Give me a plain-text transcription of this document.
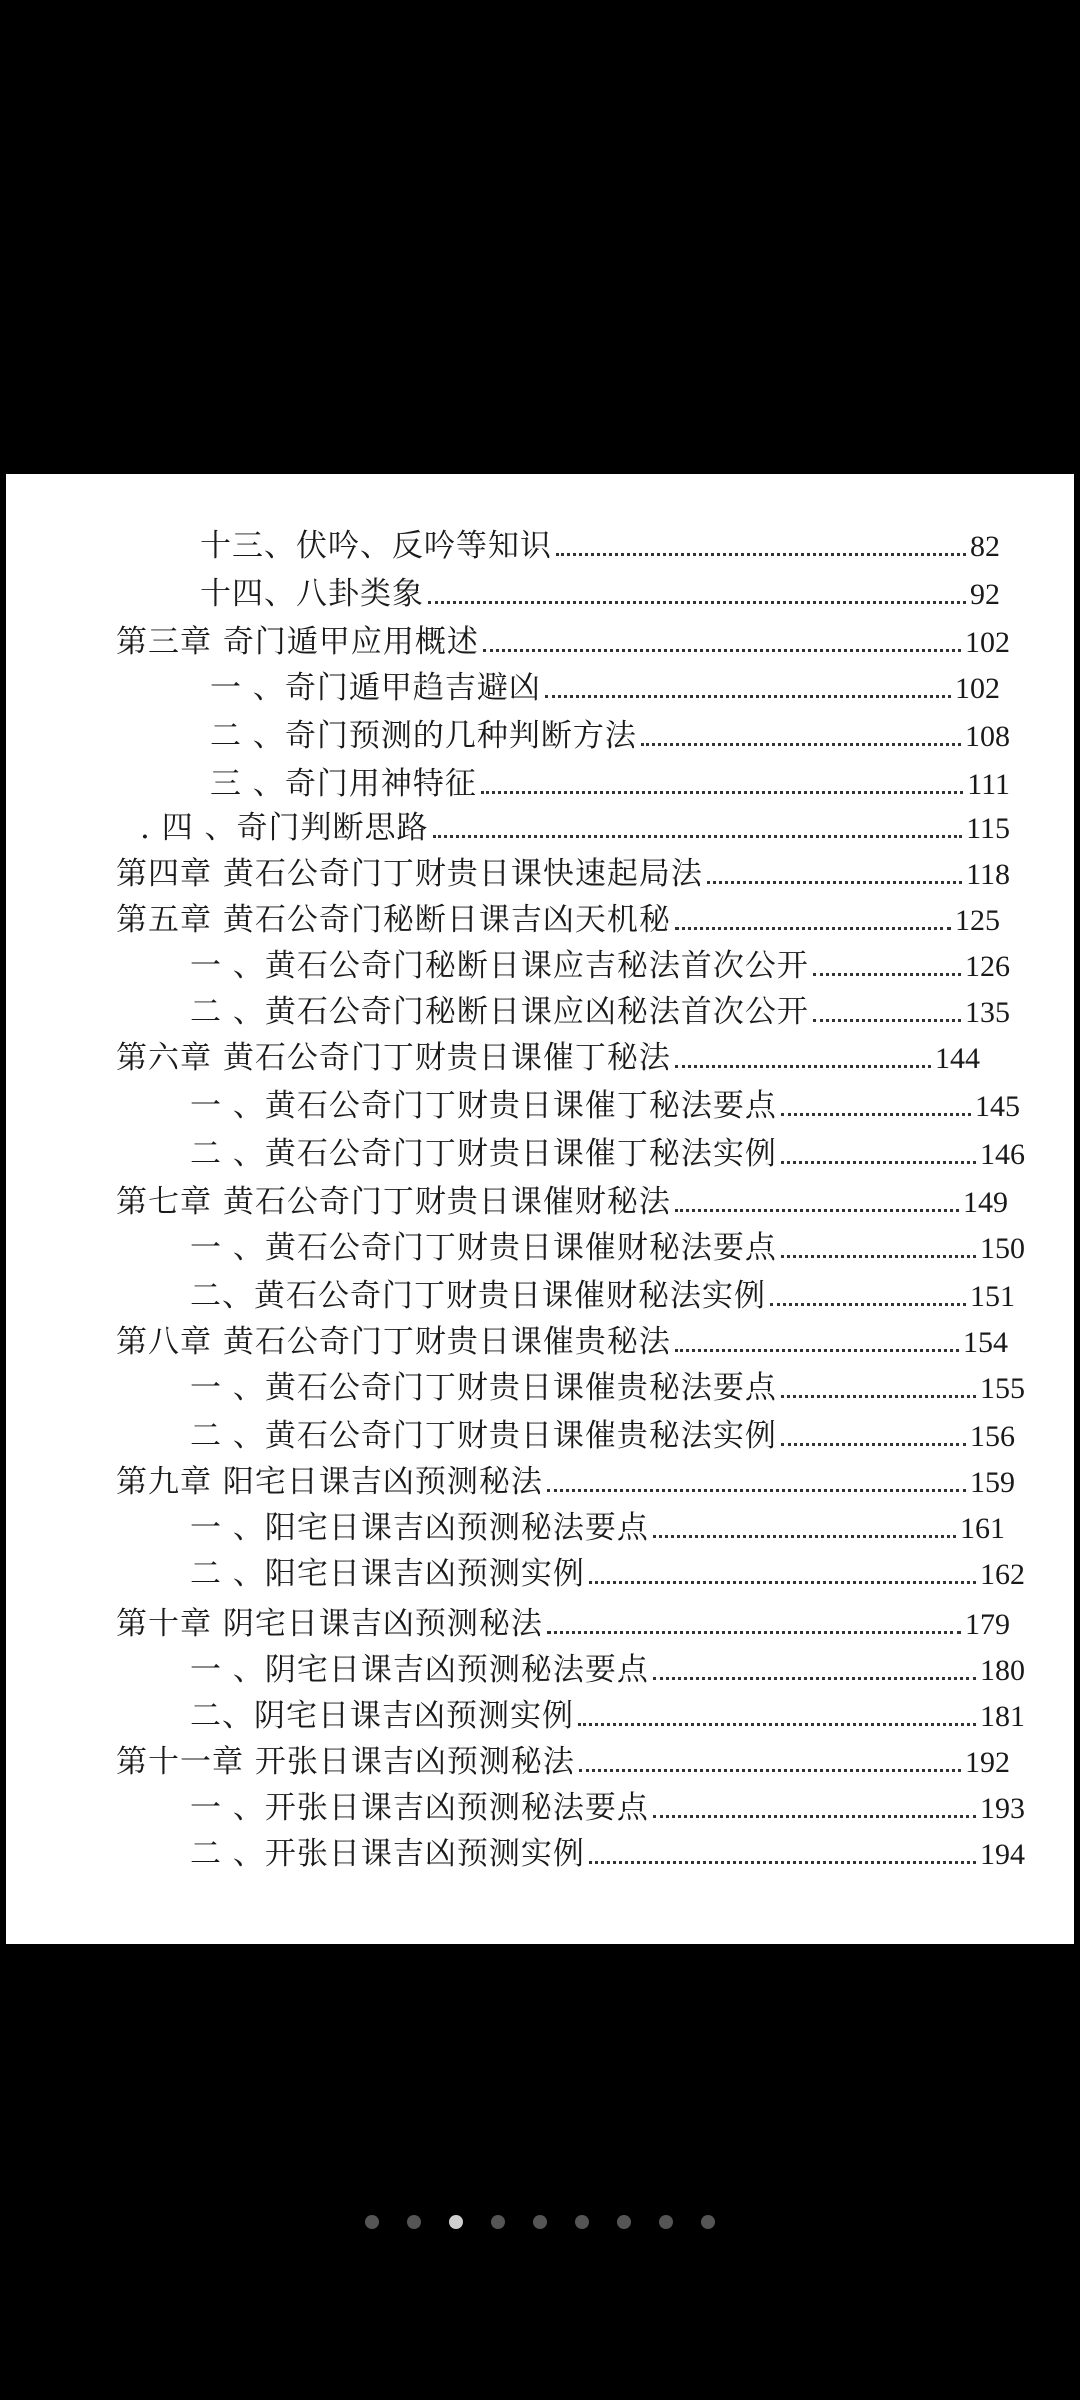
十三、伏吟、反吟等知识	82
十四、八卦类象	92
第三章 奇门遁甲应用概述	102
一 、奇门遁甲趋吉避凶	102
二 、奇门预测的几种判断方法	108
三 、奇门用神特征	111
. 四 、奇门判断思路	115
第四章 黄石公奇门丁财贵日课快速起局法	118
第五章 黄石公奇门秘断日课吉凶天机秘	125
一 、黄石公奇门秘断日课应吉秘法首次公开	126
二 、黄石公奇门秘断日课应凶秘法首次公开	135
第六章 黄石公奇门丁财贵日课催丁秘法	144
一 、黄石公奇门丁财贵日课催丁秘法要点	145
二 、黄石公奇门丁财贵日课催丁秘法实例	146
第七章 黄石公奇门丁财贵日课催财秘法	149
一 、黄石公奇门丁财贵日课催财秘法要点	150
二、黄石公奇门丁财贵日课催财秘法实例	151
第八章 黄石公奇门丁财贵日课催贵秘法	154
一 、黄石公奇门丁财贵日课催贵秘法要点	155
二 、黄石公奇门丁财贵日课催贵秘法实例	156
第九章 阳宅日课吉凶预测秘法	159
一 、阳宅日课吉凶预测秘法要点	161
二 、阳宅日课吉凶预测实例	162
第十章 阴宅日课吉凶预测秘法	179
一 、阴宅日课吉凶预测秘法要点	180
二、阴宅日课吉凶预测实例	181
第十一章 开张日课吉凶预测秘法	192
一 、开张日课吉凶预测秘法要点	193
二 、开张日课吉凶预测实例	194
